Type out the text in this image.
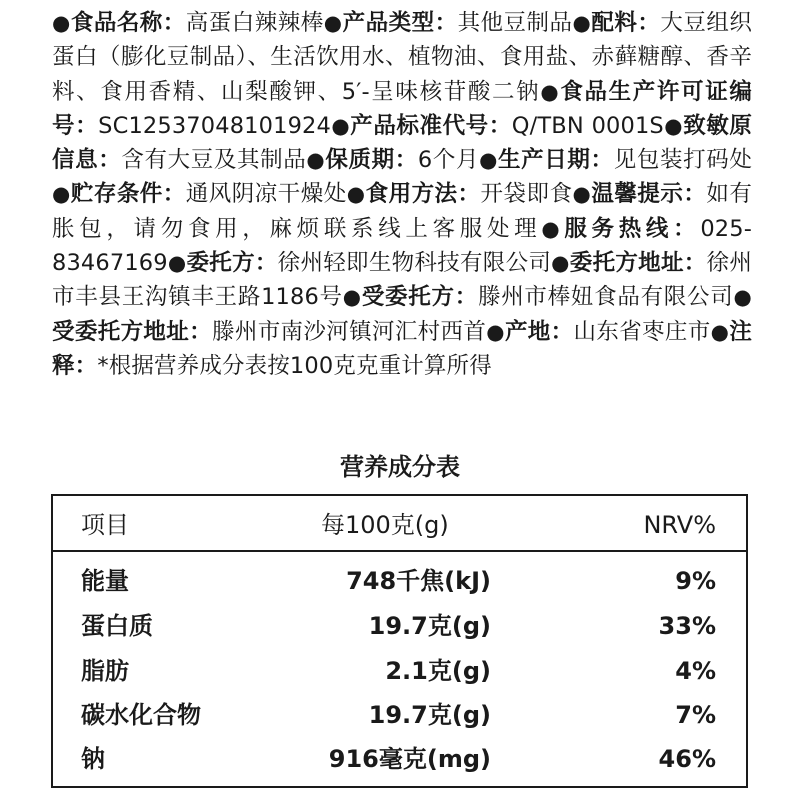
●食品名称：高蛋白辣辣棒●产品类型：其他豆制品●配料：大豆组织蛋白（膨化豆制品）、生活饮用水、植物油、食用盐、赤藓糖醇、香辛料、食用香精、山梨酸钾、5′-呈味核苷酸二钠●食品生产许可证编号：SC12537048101924●产品标准代号：Q/TBN 0001S●致敏原信息：含有大豆及其制品●保质期：6个月●生产日期：见包装打码处●贮存条件：通风阴凉干燥处●食用方法：开袋即食●温馨提示：如有胀包，请勿食用，麻烦联系线上客服处理●服务热线：025-83467169●委托方：徐州轻即生物科技有限公司●委托方地址：徐州市丰县王沟镇丰王路1186号●受委托方：滕州市棒妞食品有限公司●受委托方地址：滕州市南沙河镇河汇村西首●产地：山东省枣庄市●注释：*根据营养成分表按100克克重计算所得
营养成分表
项目	每100克(g)	NRV%
能量	748千焦(kJ)	9%
蛋白质	19.7克(g)	33%
脂肪	2.1克(g)	4%
碳水化合物	19.7克(g)	7%
钠	916毫克(mg)	46%
